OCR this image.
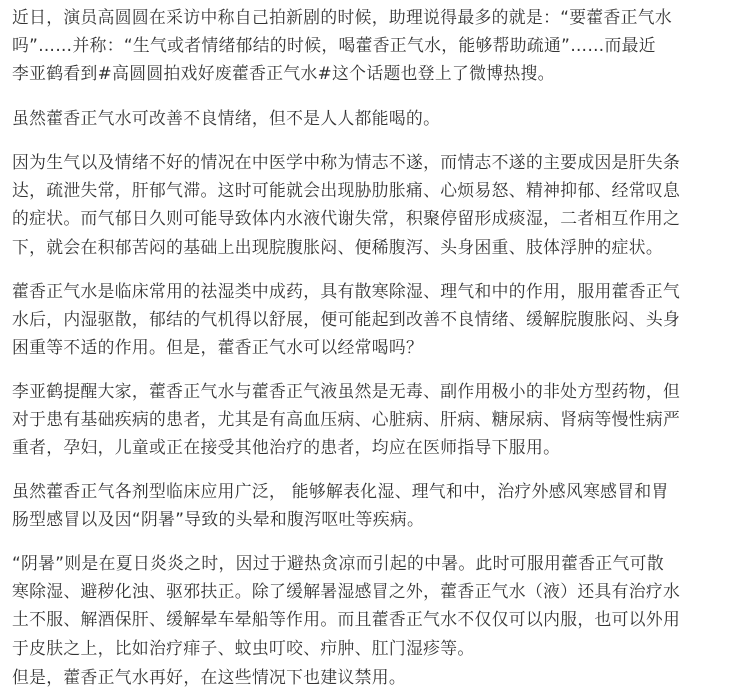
近日，演员高圆圆在采访中称自己拍新剧的时候，助理说得最多的就是：“要藿香正气水
吗”……并称：“生气或者情绪郁结的时候，喝藿香正气水，能够帮助疏通”……而最近
李亚鹤看到#高圆圆拍戏好废藿香正气水#这个话题也登上了微博热搜。

虽然藿香正气水可改善不良情绪，但不是人人都能喝的。

因为生气以及情绪不好的情况在中医学中称为情志不遂，而情志不遂的主要成因是肝失条
达，疏泄失常，肝郁气滞。这时可能就会出现胁肋胀痛、心烦易怒、精神抑郁、经常叹息
的症状。而气郁日久则可能导致体内水液代谢失常，积聚停留形成痰湿，二者相互作用之
下，就会在积郁苦闷的基础上出现脘腹胀闷、便稀腹泻、头身困重、肢体浮肿的症状。

藿香正气水是临床常用的祛湿类中成药，具有散寒除湿、理气和中的作用，服用藿香正气
水后，内湿驱散，郁结的气机得以舒展，便可能起到改善不良情绪、缓解脘腹胀闷、头身
困重等不适的作用。但是，藿香正气水可以经常喝吗？

李亚鹤提醒大家，藿香正气水与藿香正气液虽然是无毒、副作用极小的非处方型药物，但
对于患有基础疾病的患者，尤其是有高血压病、心脏病、肝病、糖尿病、肾病等慢性病严
重者，孕妇，儿童或正在接受其他治疗的患者，均应在医师指导下服用。

虽然藿香正气各剂型临床应用广泛， 能够解表化湿、理气和中，治疗外感风寒感冒和胃
肠型感冒以及因“阴暑”导致的头晕和腹泻呕吐等疾病。

“阴暑”则是在夏日炎炎之时，因过于避热贪凉而引起的中暑。此时可服用藿香正气可散
寒除湿、避秽化浊、驱邪扶正。除了缓解暑湿感冒之外，藿香正气水（液）还具有治疗水
土不服、解酒保肝、缓解晕车晕船等作用。而且藿香正气水不仅仅可以内服，也可以外用
于皮肤之上，比如治疗痱子、蚊虫叮咬、疖肿、肛门湿疹等。

但是，藿香正气水再好，在这些情况下也建议禁用。
